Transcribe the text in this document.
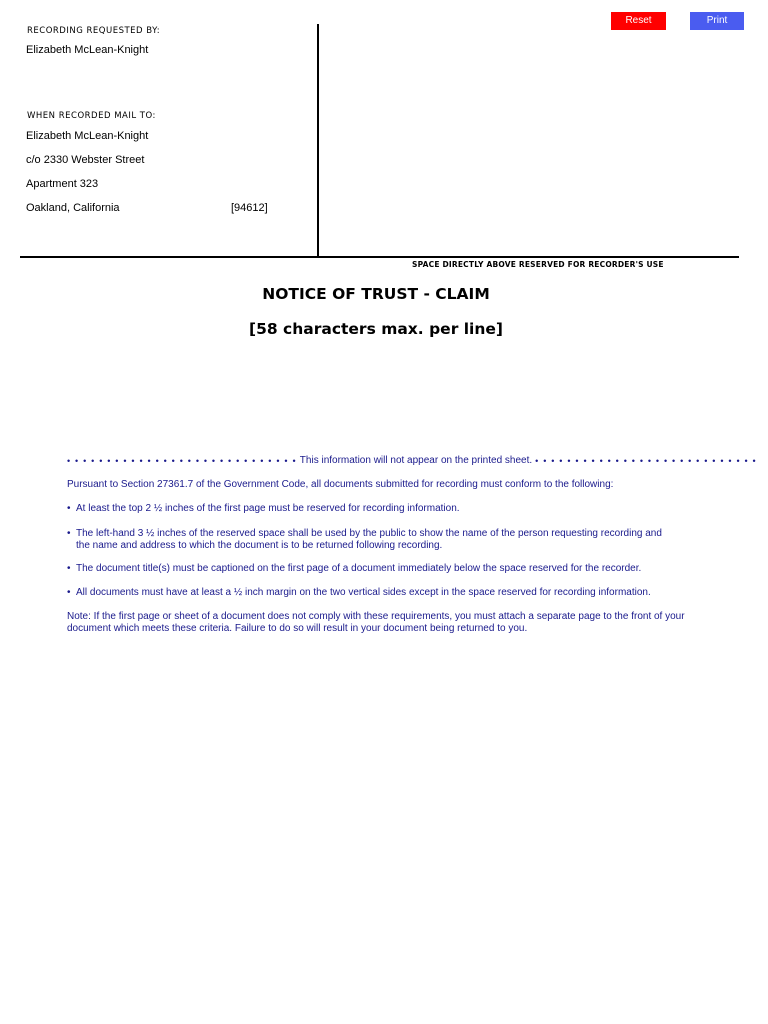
Reset	Print
RECORDING REQUESTED BY:
Elizabeth McLean-Knight
WHEN RECORDED MAIL TO:
Elizabeth McLean-Knight
c/o 2330 Webster Street
Apartment 323
Oakland, California	[94612]
SPACE DIRECTLY ABOVE RESERVED FOR RECORDER'S USE
NOTICE OF TRUST - CLAIM
[58 characters max. per line]
• • • • • • • • • • • • • • • • • • • • • • • • • • • • • This information will not appear on the printed sheet. • • • • • • • • • • • • • • • • • • • • • • • • • • • •
Pursuant to Section 27361.7 of the Government Code, all documents submitted for recording must conform to the following:
• At least the top 2 ½ inches of the first page must be reserved for recording information.
• The left-hand 3 ½ inches of the reserved space shall be used by the public to show the name of the person requesting recording and
the name and address to which the document is to be returned following recording.
• The document title(s) must be captioned on the first page of a document immediately below the space reserved for the recorder.
• All documents must have at least a ½ inch margin on the two vertical sides except in the space reserved for recording information.
Note: If the first page or sheet of a document does not comply with these requirements, you must attach a separate page to the front of your
document which meets these criteria. Failure to do so will result in your document being returned to you.
